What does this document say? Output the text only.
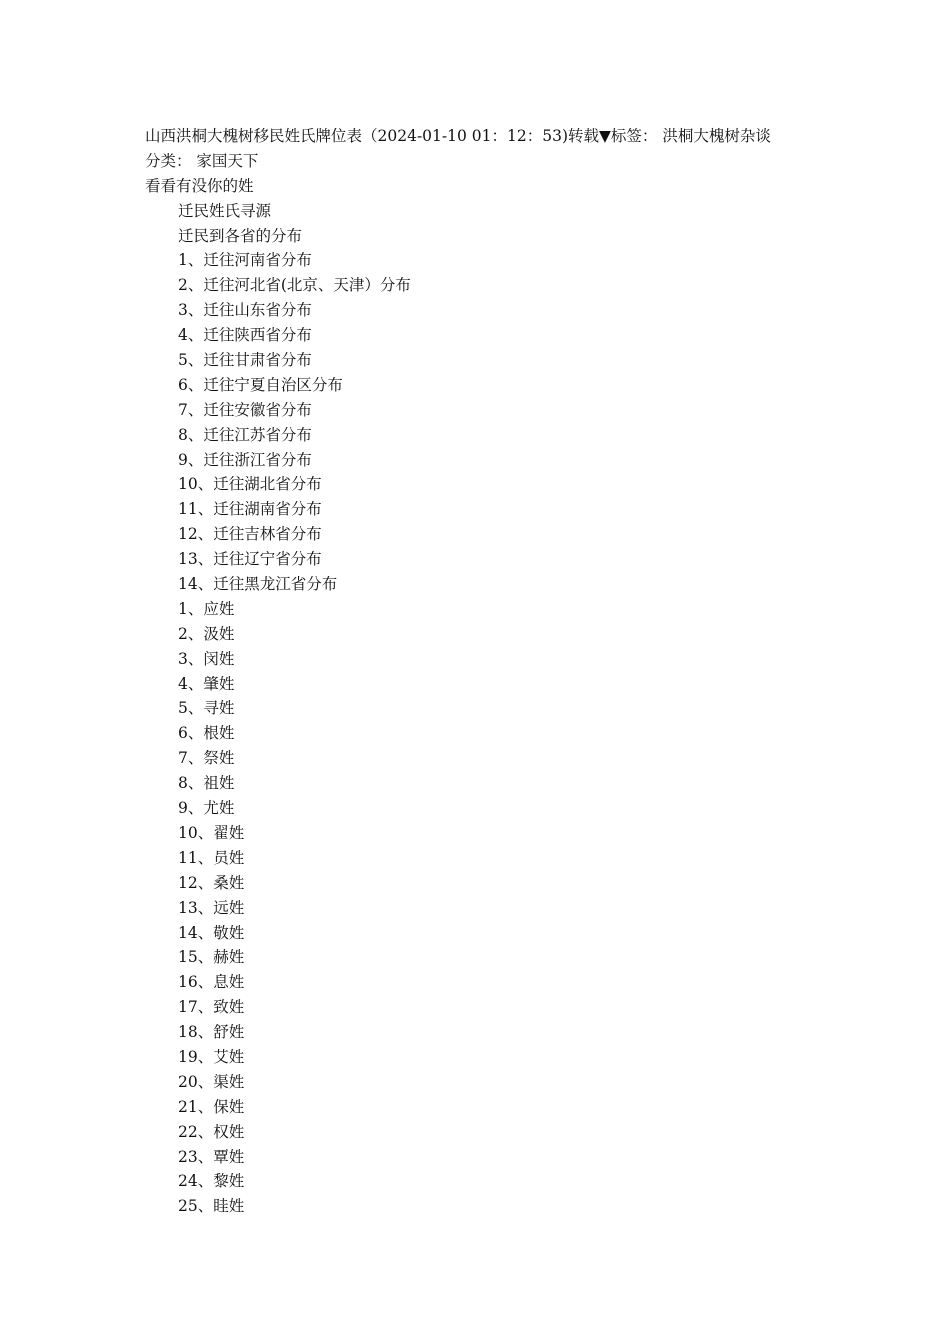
山西洪桐大槐树移民姓氏牌位表（2024-01-10 01：12：53)转载▼标签： 洪桐大槐树杂谈
分类： 家国天下
看看有没你的姓
迁民姓氏寻源
迁民到各省的分布
1、迁往河南省分布
2、迁往河北省(北京、天津）分布
3、迁往山东省分布
4、迁往陕西省分布
5、迁往甘肃省分布
6、迁往宁夏自治区分布
7、迁往安徽省分布
8、迁往江苏省分布
9、迁往浙江省分布
10、迁往湖北省分布
11、迁往湖南省分布
12、迁往吉林省分布
13、迁往辽宁省分布
14、迁往黑龙江省分布
1、应姓
2、汲姓
3、闵姓
4、肇姓
5、寻姓
6、根姓
7、祭姓
8、祖姓
9、尤姓
10、翟姓
11、员姓
12、桑姓
13、远姓
14、敬姓
15、赫姓
16、息姓
17、致姓
18、舒姓
19、艾姓
20、渠姓
21、保姓
22、权姓
23、覃姓
24、黎姓
25、眭姓
